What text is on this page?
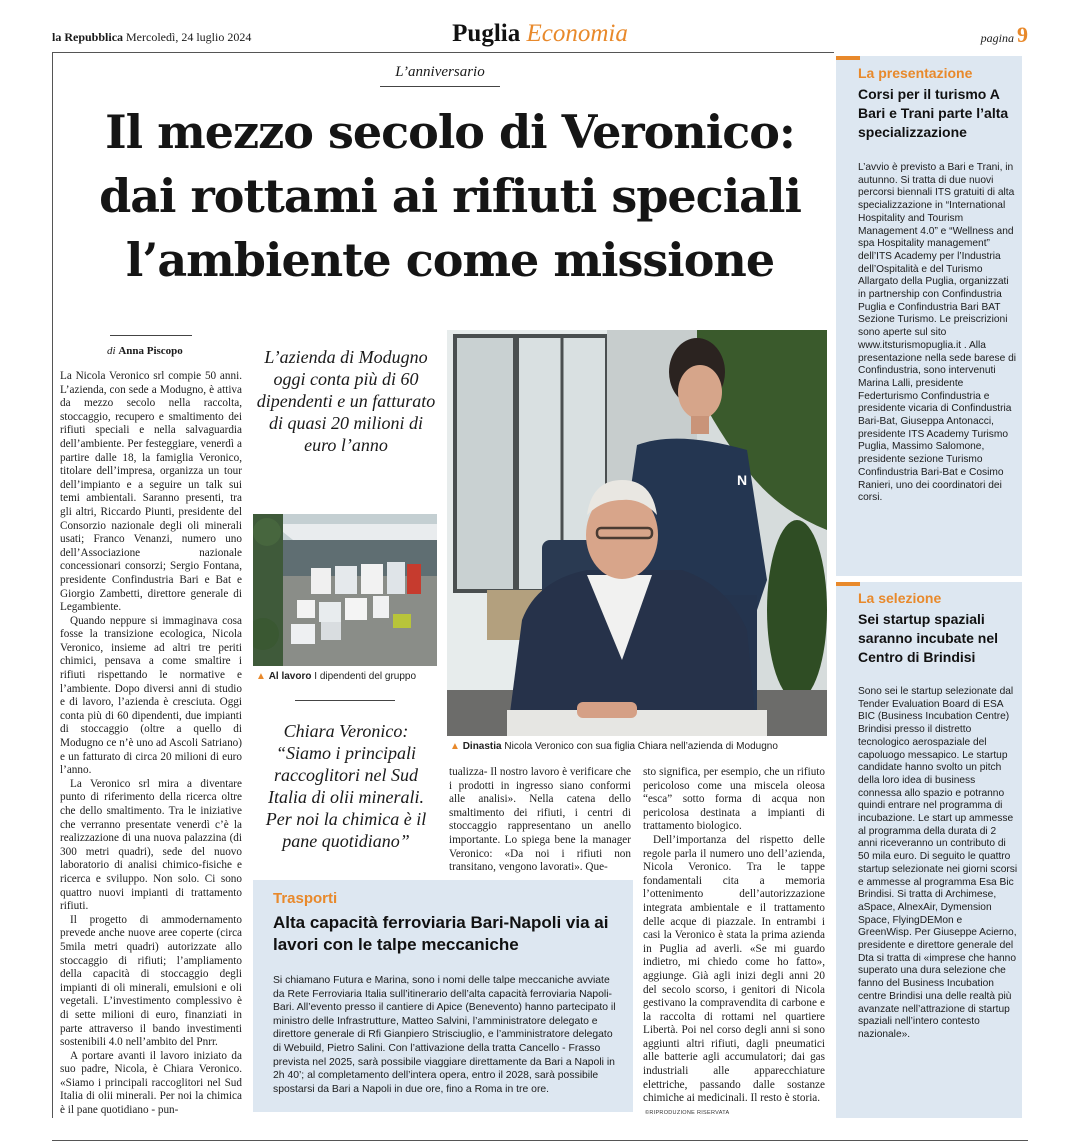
la Repubblica Mercoledì, 24 luglio 2024	Puglia Economia	pagina 9
L’anniversario
Il mezzo secolo di Veronico:
dai rottami ai rifiuti speciali
l’ambiente come missione
di Anna Piscopo

La Nicola Veronico srl compie 50 anni. L’azienda, con sede a Modugno, è attiva da mezzo secolo nella raccolta, stoccaggio, recupero e smaltimento dei rifiuti speciali e nella salvaguardia dell’ambiente. Per festeggiare, venerdì a partire dalle 18, la famiglia Veronico, titolare dell’impresa, organizza un tour dell’impianto e a seguire un talk sui temi ambientali. Saranno presenti, tra gli altri, Riccardo Piunti, presidente del Consorzio nazionale degli oli minerali usati; Franco Venanzi, numero uno dell’Associazione nazionale concessionari consorzi; Sergio Fontana, presidente Confindustria Bari e Bat e Giorgio Zambetti, direttore generale di Legambiente.

Quando neppure si immaginava cosa fosse la transizione ecologica, Nicola Veronico, insieme ad altri tre periti chimici, pensava a come smaltire i rifiuti rispettando le normative e l’ambiente. Dopo diversi anni di studio e di lavoro, l’azienda è cresciuta. Oggi conta più di 60 dipendenti, due impianti di stoccaggio (oltre a quello di Modugno ce n’è uno ad Ascoli Satriano) e un fatturato di circa 20 milioni di euro l’anno.

La Veronico srl mira a diventare punto di riferimento della ricerca oltre che dello smaltimento. Tra le iniziative che verranno presentate venerdì c’è la realizzazione di una nuova palazzina (di 300 metri quadri), sede del nuovo laboratorio di analisi chimico-fisiche e ricerca e sviluppo. Non solo. Ci sono quattro nuovi impianti di trattamento rifiuti.

Il progetto di ammodernamento prevede anche nuove aree coperte (circa 5mila metri quadri) autorizzate allo stoccaggio di rifiuti; l’ampliamento della capacità di stoccaggio degli impianti di oli minerali, emulsioni e oli vegetali. L’investimento complessivo è di sette milioni di euro, finanziati in parte attraverso il bando investimenti sostenibili 4.0 nell’ambito del Pnrr.

A portare avanti il lavoro iniziato da suo padre, Nicola, è Chiara Veronico. «Siamo i principali raccoglitori nel Sud Italia di olii minerali. Per noi la chimica è il pane quotidiano - pun-

L’azienda di Modugno oggi conta più di 60 dipendenti e un fatturato di quasi 20 milioni di euro l’anno
▲ Al lavoro I dipendenti del gruppo
Chiara Veronico: “Siamo i principali raccoglitori nel Sud Italia di olii minerali. Per noi la chimica è il pane quotidiano”
N
▲ Dinastia Nicola Veronico con sua figlia Chiara nell’azienda di Modugno

tualizza- Il nostro lavoro è verificare che i prodotti in ingresso siano conformi alle analisi». Nella catena dello smaltimento dei rifiuti, i centri di stoccaggio rappresentano un anello importante. Lo spiega bene la manager Veronico: «Da noi i rifiuti non transitano, vengono lavorati». Que-

sto significa, per esempio, che un rifiuto pericoloso come una miscela oleosa “esca” sotto forma di acqua non pericolosa destinata a impianti di trattamento biologico.

Dell’importanza del rispetto delle regole parla il numero uno dell’azienda, Nicola Veronico. Tra le tappe fondamentali cita a memoria l’ottenimento dell’autorizzazione integrata ambientale e il trattamento delle acque di piazzale. In entrambi i casi la Veronico è stata la prima azienda in Puglia ad averli. «Se mi guardo indietro, mi chiedo come ho fatto», aggiunge. Già agli inizi degli anni 20 del secolo scorso, i genitori di Nicola gestivano la compravendita di carbone e la raccolta di rottami nel quartiere Libertà. Poi nel corso degli anni si sono aggiunti altri rifiuti, dagli pneumatici alle batterie agli accumulatori; dai gas industriali alle apparecchiature elettriche, passando dalle sostanze chimiche ai medicinali. Il resto è storia.

©RIPRODUZIONE RISERVATA
Trasporti
Alta capacità ferroviaria Bari-Napoli via ai lavori con le talpe meccaniche
Si chiamano Futura e Marina, sono i nomi delle talpe meccaniche avviate da Rete Ferroviaria Italia sull’itinerario dell’alta capacità ferroviaria Napoli-Bari. All’evento presso il cantiere di Apice (Benevento) hanno partecipato il ministro delle Infrastrutture, Matteo Salvini, l’amministratore delegato e direttore generale di Rfi Gianpiero Strisciuglio, e l’amministratore delegato di Webuild, Pietro Salini. Con l’attivazione della tratta Cancello - Frasso prevista nel 2025, sarà possibile viaggiare direttamente da Bari a Napoli in 2h 40’; al completamento dell’intera opera, entro il 2028, sarà possibile spostarsi da Bari a Napoli in due ore, fino a Roma in tre ore.
La presentazione
Corsi per il turismo A Bari e Trani parte l’alta specializzazione
L’avvio è previsto a Bari e Trani, in autunno. Si tratta di due nuovi percorsi biennali ITS gratuiti di alta specializzazione in “International Hospitality and Tourism Management 4.0” e “Wellness and spa Hospitality management” dell’ITS Academy per l’Industria dell’Ospitalità e del Turismo Allargato della Puglia, organizzati in partnership con Confindustria Puglia e Confindustria Bari BAT Sezione Turismo. Le preiscrizioni sono aperte sul sito www.itsturismopuglia.it . Alla presentazione nella sede barese di Confindustria, sono intervenuti Marina Lalli, presidente Federturismo Confindustria e presidente vicaria di Confindustria Bari-Bat, Giuseppa Antonacci, presidente ITS Academy Turismo Puglia, Massimo Salomone, presidente sezione Turismo Confindustria Bari-Bat e Cosimo Ranieri, uno dei coordinatori dei corsi.
La selezione
Sei startup spaziali saranno incubate nel Centro di Brindisi
Sono sei le startup selezionate dal Tender Evaluation Board di ESA BIC (Business Incubation Centre) Brindisi presso il distretto tecnologico aerospaziale del capoluogo messapico. Le startup candidate hanno svolto un pitch della loro idea di business connessa allo spazio e potranno quindi entrare nel programma di incubazione. Le start up ammesse al programma della durata di 2 anni riceveranno un contributo di 50 mila euro. Di seguito le quattro startup selezionate nei giorni scorsi e ammesse al programma Esa Bic Brindisi. Si tratta di Archimese, aSpace, AlnexAir, Dymension Space, FlyingDEMon e GreenWisp. Per Giuseppe Acierno, presidente e direttore generale del Dta si tratta di «imprese che hanno superato una dura selezione che fanno del Business Incubation centre Brindisi una delle realtà più avanzate nell’attrazione di startup spaziali nell’intero contesto nazionale».
